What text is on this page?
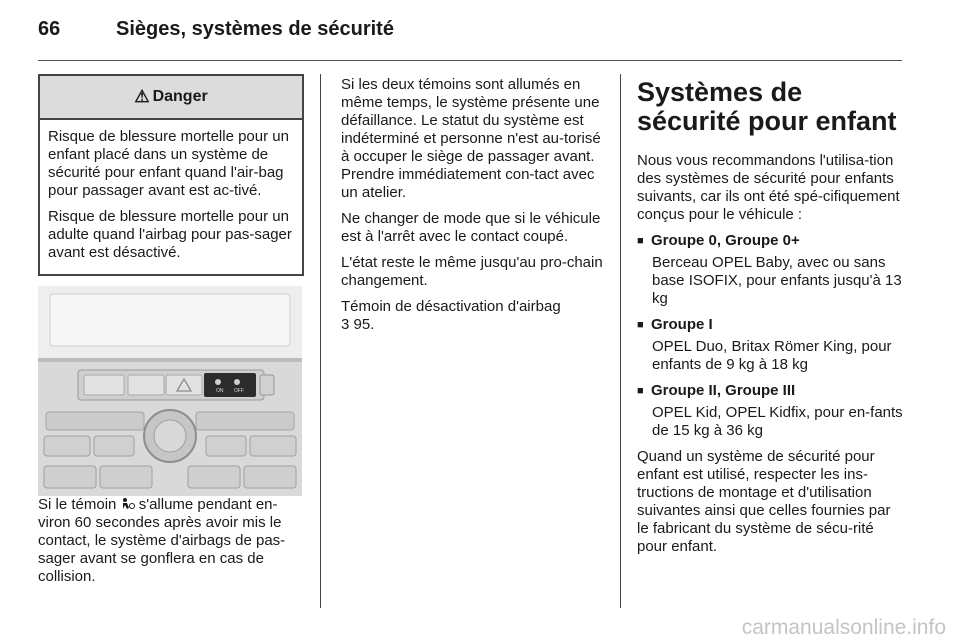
66	Sièges, systèmes de sécurité
⚠ Danger

Risque de blessure mortelle pour un enfant placé dans un système de sécurité pour enfant quand l'air-bag pour passager avant est ac-tivé.

Risque de blessure mortelle pour un adulte quand l'airbag pour pas-sager avant est désactivé.

ON OFF

Si le témoin s'allume pendant en-viron 60 secondes après avoir mis le contact, le système d'airbags de pas-sager avant se gonflera en cas de collision.

Si les deux témoins sont allumés en même temps, le système présente une défaillance. Le statut du système est indéterminé et personne n'est au-torisé à occuper le siège de passager avant. Prendre immédiatement con-tact avec un atelier.

Ne changer de mode que si le véhicule est à l'arrêt avec le contact coupé.

L'état reste le même jusqu'au pro-chain changement.

Témoin de désactivation d'airbag
3 95.

Systèmes de sécurité pour enfant

Nous vous recommandons l'utilisa-tion des systèmes de sécurité pour enfants suivants, car ils ont été spé-cifiquement conçus pour le véhicule :

■ Groupe 0, Groupe 0+

Berceau OPEL Baby, avec ou sans base ISOFIX, pour enfants jusqu'à 13 kg

■ Groupe I

OPEL Duo, Britax Römer King, pour enfants de 9 kg à 18 kg

■ Groupe II, Groupe III

OPEL Kid, OPEL Kidfix, pour en-fants de 15 kg à 36 kg

Quand un système de sécurité pour enfant est utilisé, respecter les ins-tructions de montage et d'utilisation suivantes ainsi que celles fournies par le fabricant du système de sécu-rité pour enfant.

carmanualsonline.info
